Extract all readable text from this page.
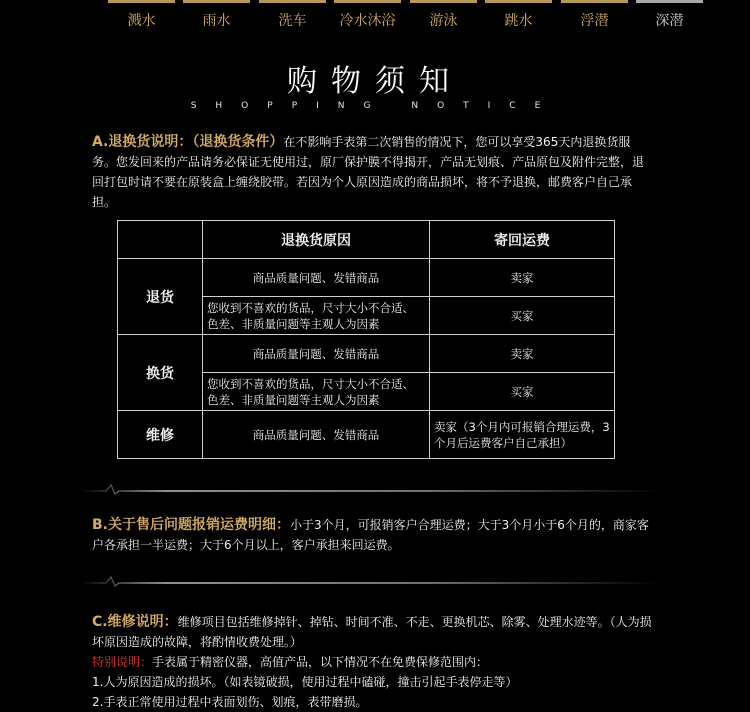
溅水	雨水	洗车	冷水沐浴	游泳	跳水	浮潜	深潜
购物须知
SHOPPING NOTICE
A.退换货说明：（退换货条件）在不影响手表第二次销售的情况下，您可以享受365天内退换货服务。您发回来的产品请务必保证无使用过，原厂保护膜不得揭开，产品无划痕、产品原包及附件完整，退回打包时请不要在原装盒上缠绕胶带。若因为个人原因造成的商品损坏，将不予退换，邮费客户自己承担。
	退换货原因	寄回运费
退货	商品质量问题、发错商品	卖家
	您收到不喜欢的货品，尺寸大小不合适、色差、非质量问题等主观人为因素	买家
换货	商品质量问题、发错商品	卖家
	您收到不喜欢的货品，尺寸大小不合适、色差、非质量问题等主观人为因素	买家
维修	商品质量问题、发错商品	卖家（3个月内可报销合理运费，3个月后运费客户自己承担）
B.关于售后问题报销运费明细：小于3个月，可报销客户合理运费；大于3个月小于6个月的，商家客户各承担一半运费；大于6个月以上，客户承担来回运费。
C.维修说明：维修项目包括维修掉针、掉钻、时间不准、不走、更换机芯、除雾、处理水迹等。（人为损坏原因造成的故障，将酌情收费处理。）
特别说明：手表属于精密仪器，高值产品，以下情况不在免费保修范围内：
1.人为原因造成的损坏。（如表镜破损，使用过程中磕碰，撞击引起手表停走等）
2.手表正常使用过程中表面划伤、划痕，表带磨损。
